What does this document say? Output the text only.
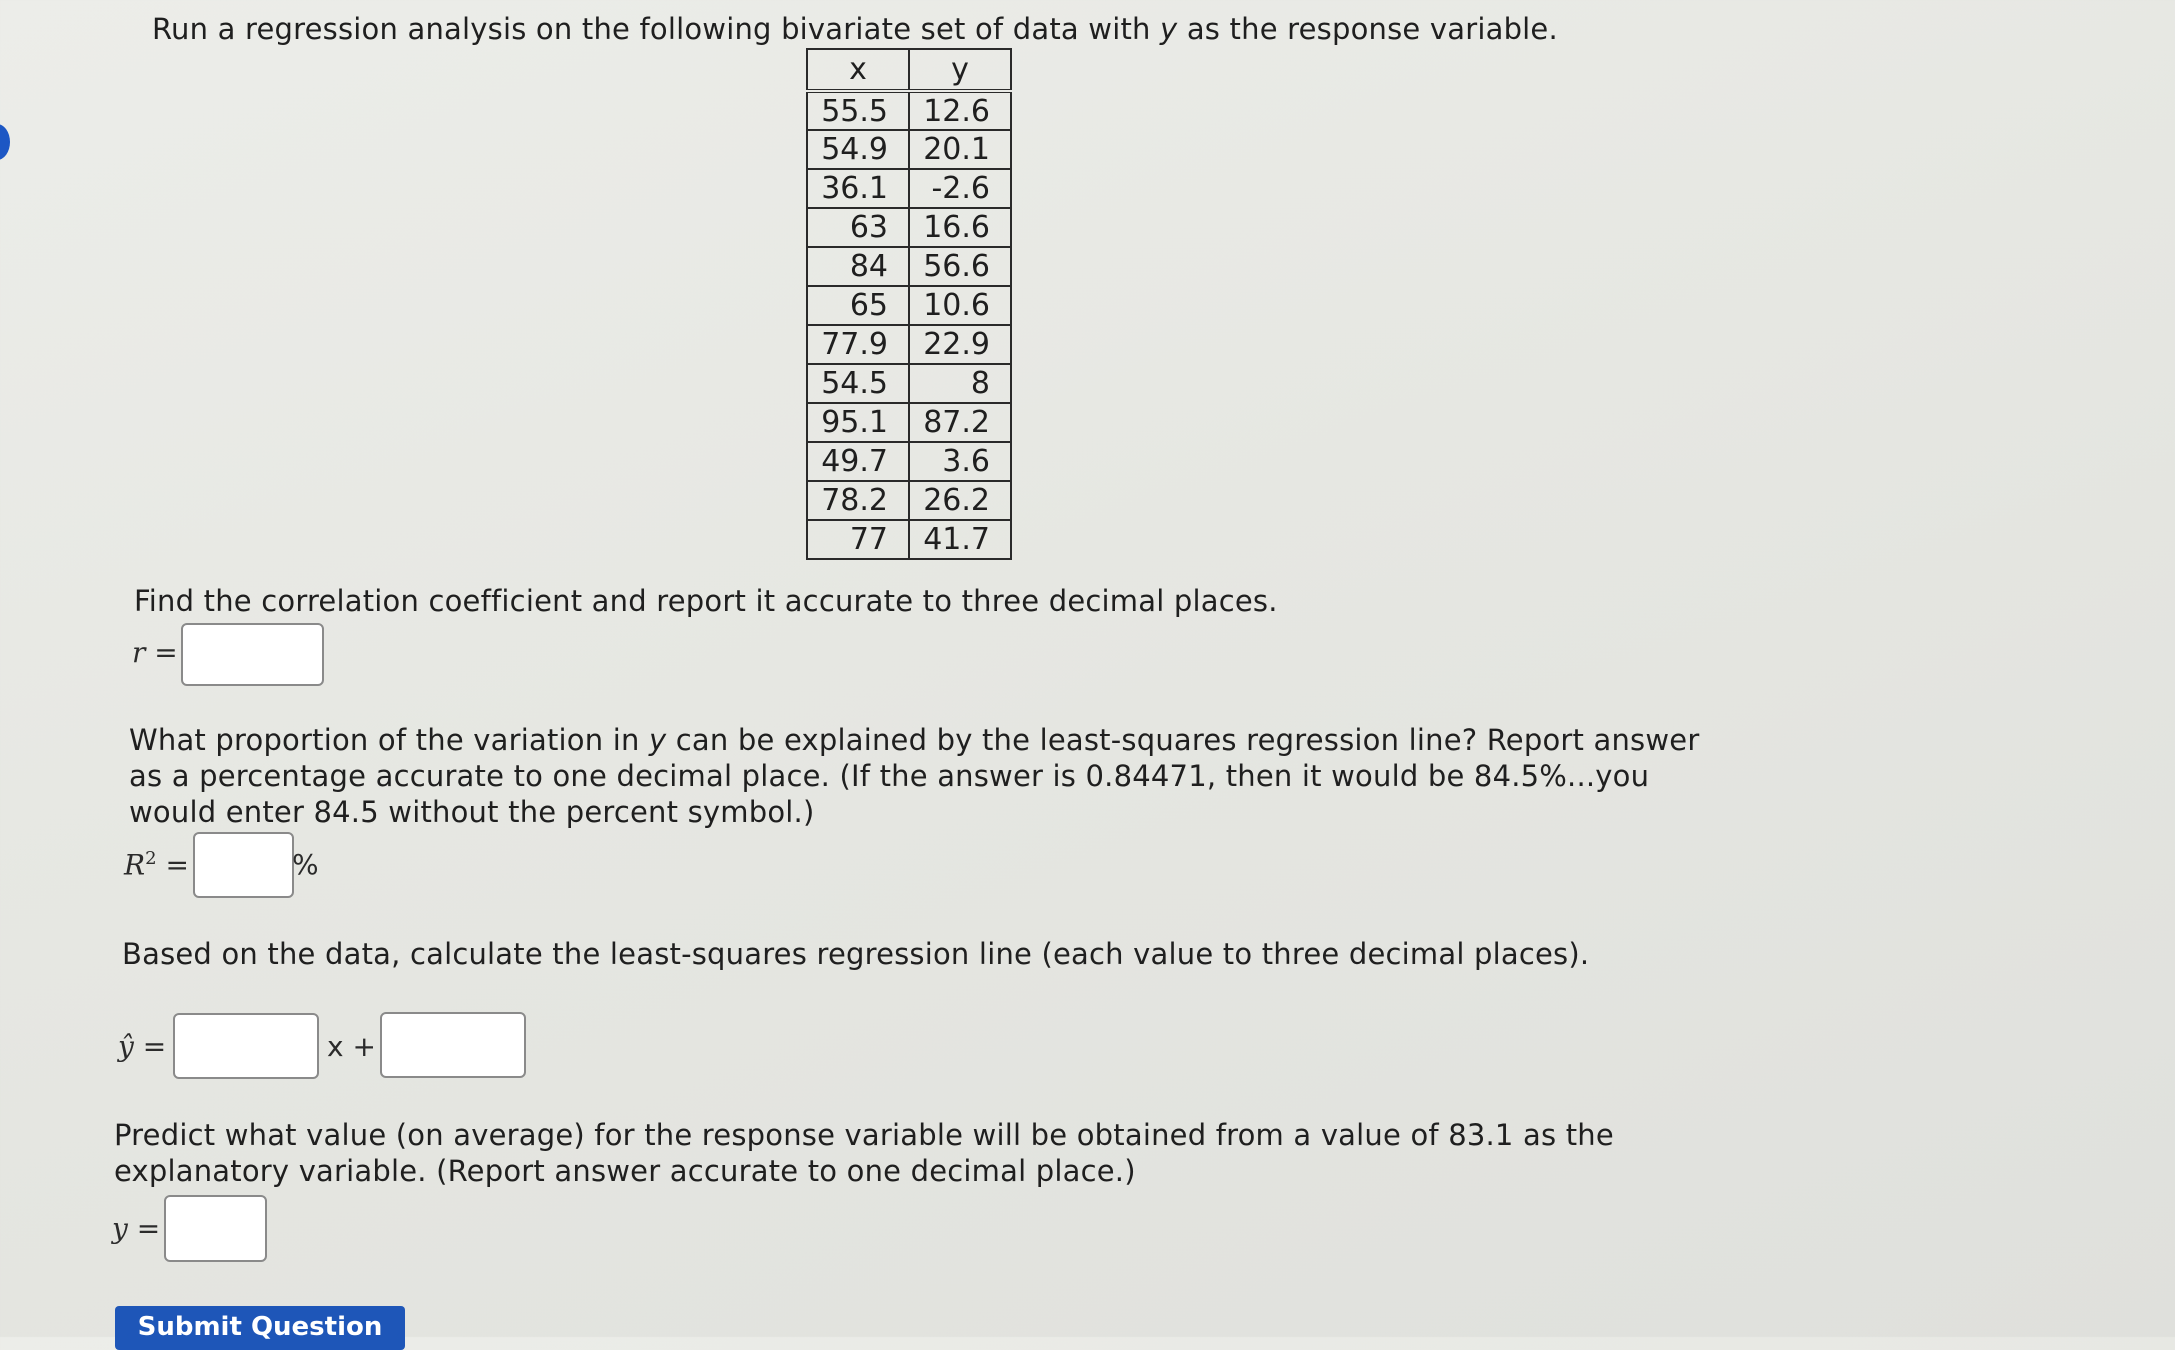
Run a regression analysis on the following bivariate set of data with y as the response variable.
x	y
55.5	12.6
54.9	20.1
36.1	-2.6
63	16.6
84	56.6
65	10.6
77.9	22.9
54.5	8
95.1	87.2
49.7	3.6
78.2	26.2
77	41.7
Find the correlation coefficient and report it accurate to three decimal places.
r =
What proportion of the variation in y can be explained by the least-squares regression line? Report answer
as a percentage accurate to one decimal place. (If the answer is 0.84471, then it would be 84.5%...you
would enter 84.5 without the percent symbol.)
$R^2$ =	%
Based on the data, calculate the least-squares regression line (each value to three decimal places).
ŷ =	x +
Predict what value (on average) for the response variable will be obtained from a value of 83.1 as the
explanatory variable. (Report answer accurate to one decimal place.)
y =
Submit Question
